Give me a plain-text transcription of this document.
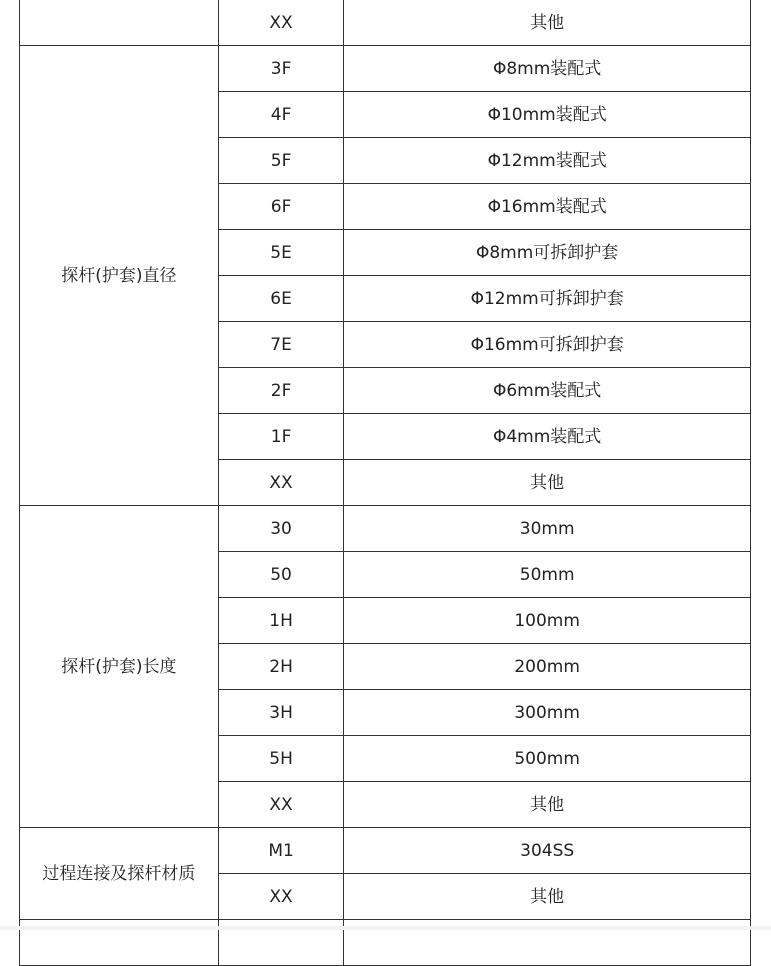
	XX	其他
探杆(护套)直径	3F	Φ8mm装配式
	4F	Φ10mm装配式
	5F	Φ12mm装配式
	6F	Φ16mm装配式
	5E	Φ8mm可拆卸护套
	6E	Φ12mm可拆卸护套
	7E	Φ16mm可拆卸护套
	2F	Φ6mm装配式
	1F	Φ4mm装配式
	XX	其他
探杆(护套)长度	30	30mm
	50	50mm
	1H	100mm
	2H	200mm
	3H	300mm
	5H	500mm
	XX	其他
过程连接及探杆材质	M1	304SS
	XX	其他
